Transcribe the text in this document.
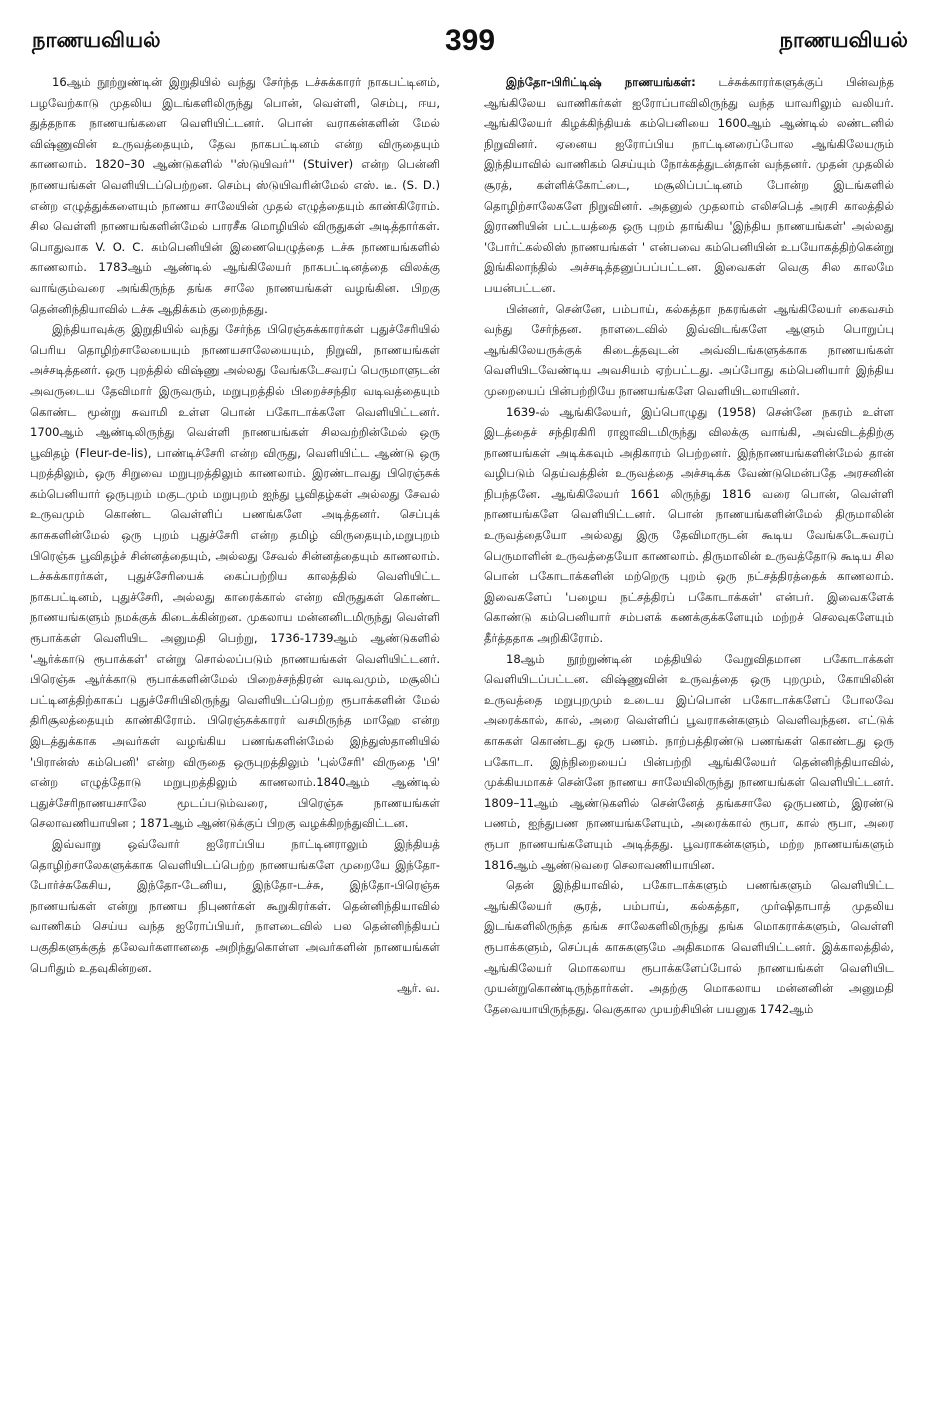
நாணயவியல்	399	நாணயவியல்

16ஆம் நூற்றுண்டின் இறுதியில் வந்து சேர்ந்த டச்சுக்காரர் நாகபட்டினம், பழவேற்காடு முதலிய இடங்களிலிருந்து பொன், வெள்ளி, செம்பு, ஈய, துத்தநாக நாணயங்களை வெளியிட்டனர். பொன் வராகன்களின் மேல் விஷ்ணுவின் உருவத்தையும், தேவ நாகபட்டினம் என்ற விருதையும் காணலாம். 1820–30 ஆண்டுகளில் ''ஸ்டுயிவர்'' (Stuiver) என்ற பென்னி நாணயங்கள் வெளியிடப்பெற்றன. செம்பு ஸ்டுயிவரின்மேல் எஸ். டீ. (S. D.) என்ற எழுத்துக்களையும் நாணய சாலேயின் முதல் எழுத்தையும் காண்கிரோம். சில வெள்ளி நாணயங்களின்மேல் பாரசீக மொழியில் விருதுகள் அடித்தார்கள். பொதுவாக V. O. C. கம்பெனியின் இணையெழுத்தை டச்சு நாணயங்களில் காணலாம். 1783ஆம் ஆண்டில் ஆங்கிலேயர் நாகபட்டினத்தை விலக்கு வாங்கும்வரை அங்கிருந்த தங்க சாலே நாணயங்கள் வழங்கின. பிறகு தென்னிந்தியாவில் டச்சு ஆதிக்கம் குறைந்தது.

இந்தியாவுக்கு இறுதியில் வந்து சேர்ந்த பிரெஞ்சுக்காரர்கள் புதுச்சேரியில் பெரிய தொழிற்சாலேயையும் நாணயசாலேயையும், நிறுவி, நாணயங்கள் அச்சடித்தனர். ஒரு புறத்தில் விஷ்ணு அல்லது வேங்கடேசவரப் பெருமாளுடன் அவருடைய தேவிமார் இருவரும், மறுபுறத்தில் பிறைச்சந்திர வடிவத்தையும் கொண்ட மூன்று சுவாமி உள்ள பொன் பகோடாக்களே வெளியிட்டனர். 1700ஆம் ஆண்டிலிருந்து வெள்ளி நாணயங்கள் சிலவற்றின்மேல் ஒரு பூவிதழ் (Fleur-de-lis), பாண்டிச்சேரி என்ற விருது, வெளியிட்ட ஆண்டு ஒரு புறத்திலும், ஒரு சிறுவை மறுபுறத்திலும் காணலாம். இரண்டாவது பிரெஞ்சுக் கம்பெனியார் ஒருபுறம் மகுடமும் மறுபுறம் ஐந்து பூவிதழ்கள் அல்லது சேவல் உருவமும் கொண்ட வெள்ளிப் பணங்களே அடித்தனர். செப்புக் காசுகளின்மேல் ஒரு புறம் புதுச்சேரி என்ற தமிழ் விருதையும்,மறுபுறம் பிரெஞ்சு பூவிதழ்ச் சின்னத்தையும், அல்லது சேவல் சின்னத்தையும் காணலாம். டச்சுக்காரர்கள், புதுச்சேரியைக் கைப்பற்றிய காலத்தில் வெளியிட்ட நாகபட்டினம், புதுச்சேரி, அல்லது காரைக்கால் என்ற விருதுகள் கொண்ட நாணயங்களும் நமக்குக் கிடைக்கின்றன. முகலாய மன்னனிடமிருந்து வெள்ளி ரூபாக்கள் வெளியிட அனுமதி பெற்று, 1736-1739ஆம் ஆண்டுகளில் 'ஆர்க்காடு ரூபாக்கள்' என்று சொல்லப்படும் நாணயங்கள் வெளியிட்டனர். பிரெஞ்சு ஆர்க்காடு ரூபாக்களின்மேல் பிறைச்சந்திரன் வடிவமும், மசூலிப் பட்டினத்திற்காகப் புதுச்சேரியிலிருந்து வெளியிடப்பெற்ற ரூபாக்களின் மேல் திரிசூலத்தையும் காண்கிரோம். பிரெஞ்சுக்காரர் வசமிருந்த மாஹே என்ற இடத்துக்காக அவர்கள் வழங்கிய பணங்களின்மேல் இந்துஸ்தானியில் 'பிரான்ஸ் கம்பெனி' என்ற விருதை ஒருபுறத்திலும் 'புல்சேரி' விருதை 'பி' என்ற எழுத்தோடு மறுபுறத்திலும் காணலாம்.1840ஆம் ஆண்டில் புதுச்சேரிநாணயசாலே மூடப்படும்வரை, பிரெஞ்சு நாணயங்கள் செலாவணியாயின ; 1871ஆம் ஆண்டுக்குப் பிறகு வழக்கிறந்துவிட்டன.

இவ்வாறு ஒவ்வோர் ஐரோப்பிய நாட்டினராலும் இந்தியத் தொழிற்சாலேகளுக்காக வெளியிடப்பெற்ற நாணயங்களே முறையே இந்தோ-போர்ச்சுகேசிய, இந்தோ-டேனிய, இந்தோ-டச்சு, இந்தோ-பிரெஞ்சு நாணயங்கள் என்று நாணய நிபுணர்கள் கூறுகிரர்கள். தென்னிந்தியாவில் வாணிகம் செய்ய வந்த ஐரோப்பியர், நாளடைவில் பல தென்னிந்தியப் பகுதிகளுக்குத் தலேவர்களானதை அறிந்துகொள்ள அவர்களின் நாணயங்கள் பெரிதும் உதவுகின்றன.

ஆர். வ.

இந்தோ-பிரிட்டிஷ் நாணயங்கள்: டச்சுக்காரர்களுக்குப் பின்வந்த ஆங்கிலேய வாணிகர்கள் ஐரோப்பாவிலிருந்து வந்த யாவரிலும் வலியர். ஆங்கிலேயர் கிழக்கிந்தியக் கம்பெனியை 1600ஆம் ஆண்டில் லண்டனில் நிறுவினர். ஏனைய ஐரோப்பிய நாட்டினரைப்போல ஆங்கிலேயரும் இந்தியாவில் வாணிகம் செய்யும் நோக்கத்துடன்தான் வந்தனர். முதன் முதலில் சூரத், கள்ளிக்கோட்டை, மசூலிப்பட்டினம் போன்ற இடங்களில் தொழிற்சாலேகளே நிறுவினர். அதனுல் முதலாம் எலிசபெத் அரசி காலத்தில் இராணியின் பட்டயத்தை ஒரு புறம் தாங்கிய 'இந்திய நாணயங்கள்' அல்லது 'போர்ட்கல்லிஸ் நாணயங்கள் ' என்பவை கம்பெனியின் உபயோகத்திற்கென்று இங்கிலாந்தில் அச்சடித்தனுப்பப்பட்டன. இவைகள் வெகு சில காலமே பயன்பட்டன.

பின்னர், சென்னே, பம்பாய், கல்கத்தா நகரங்கள் ஆங்கிலேயர் கைவசம் வந்து சேர்ந்தன. நாளடைவில் இவ்விடங்களே ஆளும் பொறுப்பு ஆங்கிலேயருக்குக் கிடைத்தவுடன் அவ்விடங்களுக்காக நாணயங்கள் வெளியிடவேண்டிய அவசியம் ஏற்பட்டது. அப்போது கம்பெனியார் இந்திய முறையைப் பின்பற்றியே நாணயங்களே வெளியிடலாயினர்.

1639-ல் ஆங்கிலேயர், இப்பொழுது (1958) சென்னே நகரம் உள்ள இடத்தைச் சந்திரகிரி ராஜாவிடமிருந்து விலக்கு வாங்கி, அவ்விடத்திற்கு நாணயங்கள் அடிக்கவும் அதிகாரம் பெற்றனர். இந்நாணயங்களின்மேல் தான் வழிபடும் தெய்வத்தின் உருவத்தை அச்சடிக்க வேண்டுமென்பதே அரசனின் நிபந்தனே. ஆங்கிலேயர் 1661 லிருந்து 1816 வரை பொன், வெள்ளி நாணயங்களே வெளியிட்டனர். பொன் நாணயங்களின்மேல் திருமாலின் உருவத்தையோ அல்லது இரு தேவிமாருடன் கூடிய வேங்கடேசுவரப் பெருமாளின் உருவத்தையோ காணலாம். திருமாலின் உருவத்தோடு கூடிய சில பொன் பகோடாக்களின் மற்றெரு புறம் ஒரு நட்சத்திரத்தைக் காணலாம். இவைகளேப் 'பழைய நட்சத்திரப் பகோடாக்கள்' என்பர். இவைகளேக் கொண்டு கம்பெனியார் சம்பளக் கணக்குக்களேயும் மற்றச் செலவுகளேயும் தீர்த்ததாக அறிகிரோம்.

18ஆம் நூற்றுண்டின் மத்தியில் வேறுவிதமான பகோடாக்கள் வெளியிடப்பட்டன. விஷ்ணுவின் உருவத்தை ஒரு புறமும், கோயிலின் உருவத்தை மறுபுறமும் உடைய இப்பொன் பகோடாக்களேப் போலவே அரைக்கால், கால், அரை வெள்ளிப் பூவராகன்களும் வெளிவந்தன. எட்டுக் காசுகள் கொண்டது ஒரு பணம். நாற்பத்திரண்டு பணங்கள் கொண்டது ஒரு பகோடா. இந்நிறையைப் பின்பற்றி ஆங்கிலேயர் தென்னிந்தியாவில், முக்கியமாகச் சென்னே நாணய சாலேயிலிருந்து நாணயங்கள் வெளியிட்டனர். 1809–11ஆம் ஆண்டுகளில் சென்னேத் தங்கசாலே ஒருபணம், இரண்டு பணம், ஐந்துபண நாணயங்களேயும், அரைக்கால் ரூபா, கால் ரூபா, அரை ரூபா நாணயங்களேயும் அடித்தது. பூவராகன்களும், மற்ற நாணயங்களும் 1816ஆம் ஆண்டுவரை செலாவணியாயின.

தென் இந்தியாவில், பகோடாக்களும் பணங்களும் வெளியிட்ட ஆங்கிலேயர் சூரத், பம்பாய், கல்கத்தா, முர்ஷிதாபாத் முதலிய இடங்களிலிருந்த தங்க சாலேகளிலிருந்து தங்க மொகராக்களும், வெள்ளி ரூபாக்களும், செப்புக் காசுகளுமே அதிகமாக வெளியிட்டனர். இக்காலத்தில், ஆங்கிலேயர் மொகலாய ரூபாக்களேப்போல் நாணயங்கள் வெளியிட முயன்றுகொண்டிருந்தார்கள். அதற்கு மொகலாய மன்னனின் அனுமதி தேவையாயிருந்தது. வெகுகால முயற்சியின் பயனுக 1742ஆம்
